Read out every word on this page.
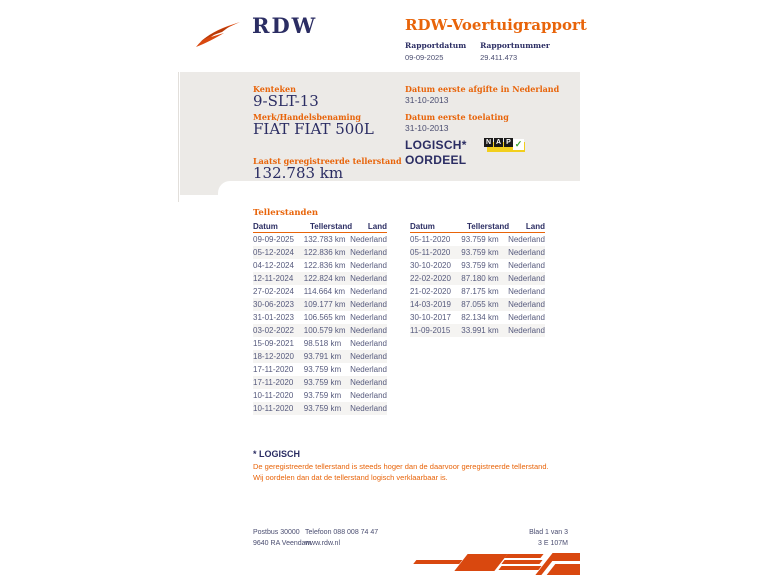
RDW	RDW-Voertuigrapport
Rapportdatum
09-09-2025
Rapportnummer
29.411.473
Kenteken
9-SLT-13
Merk/Handelsbenaming
FIAT FIAT 500L
Laatst geregistreerde tellerstand
132.783 km
Datum eerste afgifte in Nederland
31-10-2013
Datum eerste toelating
31-10-2013
LOGISCH*
OORDEEL
N A P ✓
Tellerstanden
Datum	Tellerstand	Land
09-09-2025	132.783 km Nederland
05-12-2024	122.836 km Nederland
04-12-2024	122.836 km Nederland
12-11-2024	122.824 km Nederland
27-02-2024	114.664 km Nederland
30-06-2023	109.177 km Nederland
31-01-2023	106.565 km Nederland
03-02-2022	100.579 km Nederland
15-09-2021	98.518 km	Nederland
18-12-2020	93.791 km	Nederland
17-11-2020	93.759 km	Nederland
17-11-2020	93.759 km	Nederland
10-11-2020	93.759 km	Nederland
10-11-2020	93.759 km	Nederland
Datum	Tellerstand	Land
05-11-2020	93.759 km	Nederland
05-11-2020	93.759 km	Nederland
30-10-2020	93.759 km	Nederland
22-02-2020	87.180 km	Nederland
21-02-2020	87.175 km	Nederland
14-03-2019	87.055 km	Nederland
30-10-2017	82.134 km	Nederland
11-09-2015	33.991 km	Nederland
* LOGISCH
De geregistreerde tellerstand is steeds hoger dan de daarvoor geregistreerde tellerstand. Wij oordelen dan dat de tellerstand logisch verklaarbaar is.
Postbus 30000
9640 RA Veendam
Telefoon 088 008 74 47
www.rdw.nl
Blad 1 van 3
3 E 107M
